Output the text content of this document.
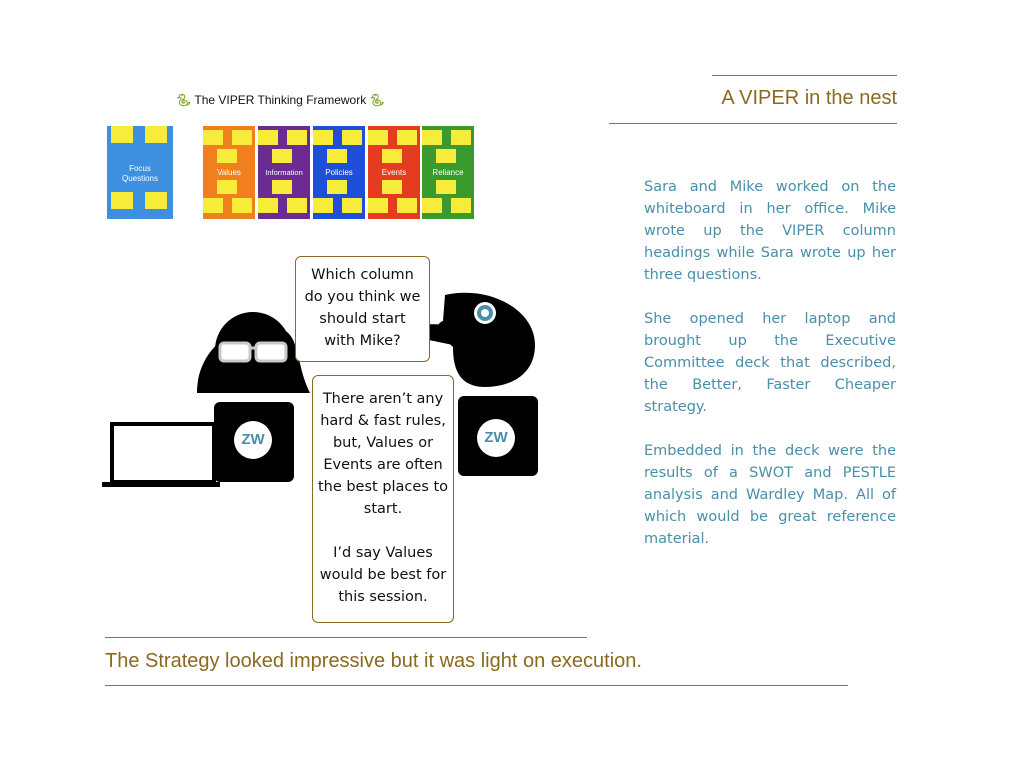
A VIPER in the nest
🐍︎ The VIPER Thinking Framework 🐍︎
Focus
Questions
Values	Information	Policies	Events	Reliance

Sara and Mike worked on the whiteboard in her office. Mike wrote up the VIPER column headings while Sara wrote up her three questions.

She opened her laptop and brought up the Executive Committee deck that described, the Better, Faster Cheaper strategy.

Embedded in the deck were the results of a SWOT and PESTLE analysis and Wardley Map. All of which would be great reference material.

ZW	ZW
Which column do you think we should start with Mike?
There aren’t any hard & fast rules, but, Values or Events are often the best places to start.
I’d say Values would be best for this session.
The Strategy looked impressive but it was light on execution.
